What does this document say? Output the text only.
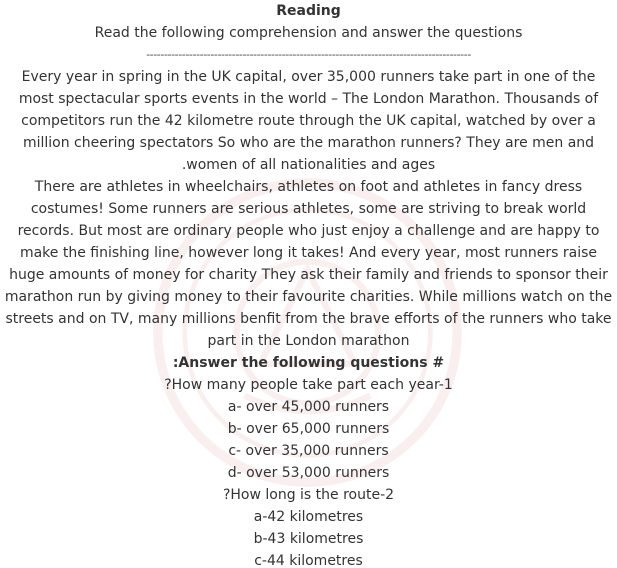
Reading
Read the following comprehension and answer the questions
-------------------------------------------------------------------------------------------
Every year in spring in the UK capital, over 35,000 runners take part in one of the
most spectacular sports events in the world – The London Marathon. Thousands of
competitors run the 42 kilometre route through the UK capital, watched by over a
million cheering spectators So who are the marathon runners? They are men and
.women of all nationalities and ages
There are athletes in wheelchairs, athletes on foot and athletes in fancy dress
costumes! Some runners are serious athletes, some are striving to break world
records. But most are ordinary people who just enjoy a challenge and are happy to
make the finishing line, however long it takes! And every year, most runners raise
huge amounts of money for charity They ask their family and friends to sponsor their
marathon run by giving money to their favourite charities. While millions watch on the
streets and on TV, many millions benfit from the brave efforts of the runners who take
part in the London marathon
:Answer the following questions #
?How many people take part each year-1
a- over 45,000 runners
b- over 65,000 runners
c- over 35,000 runners
d- over 53,000 runners
?How long is the route-2
a-42 kilometres
b-43 kilometres
c-44 kilometres
